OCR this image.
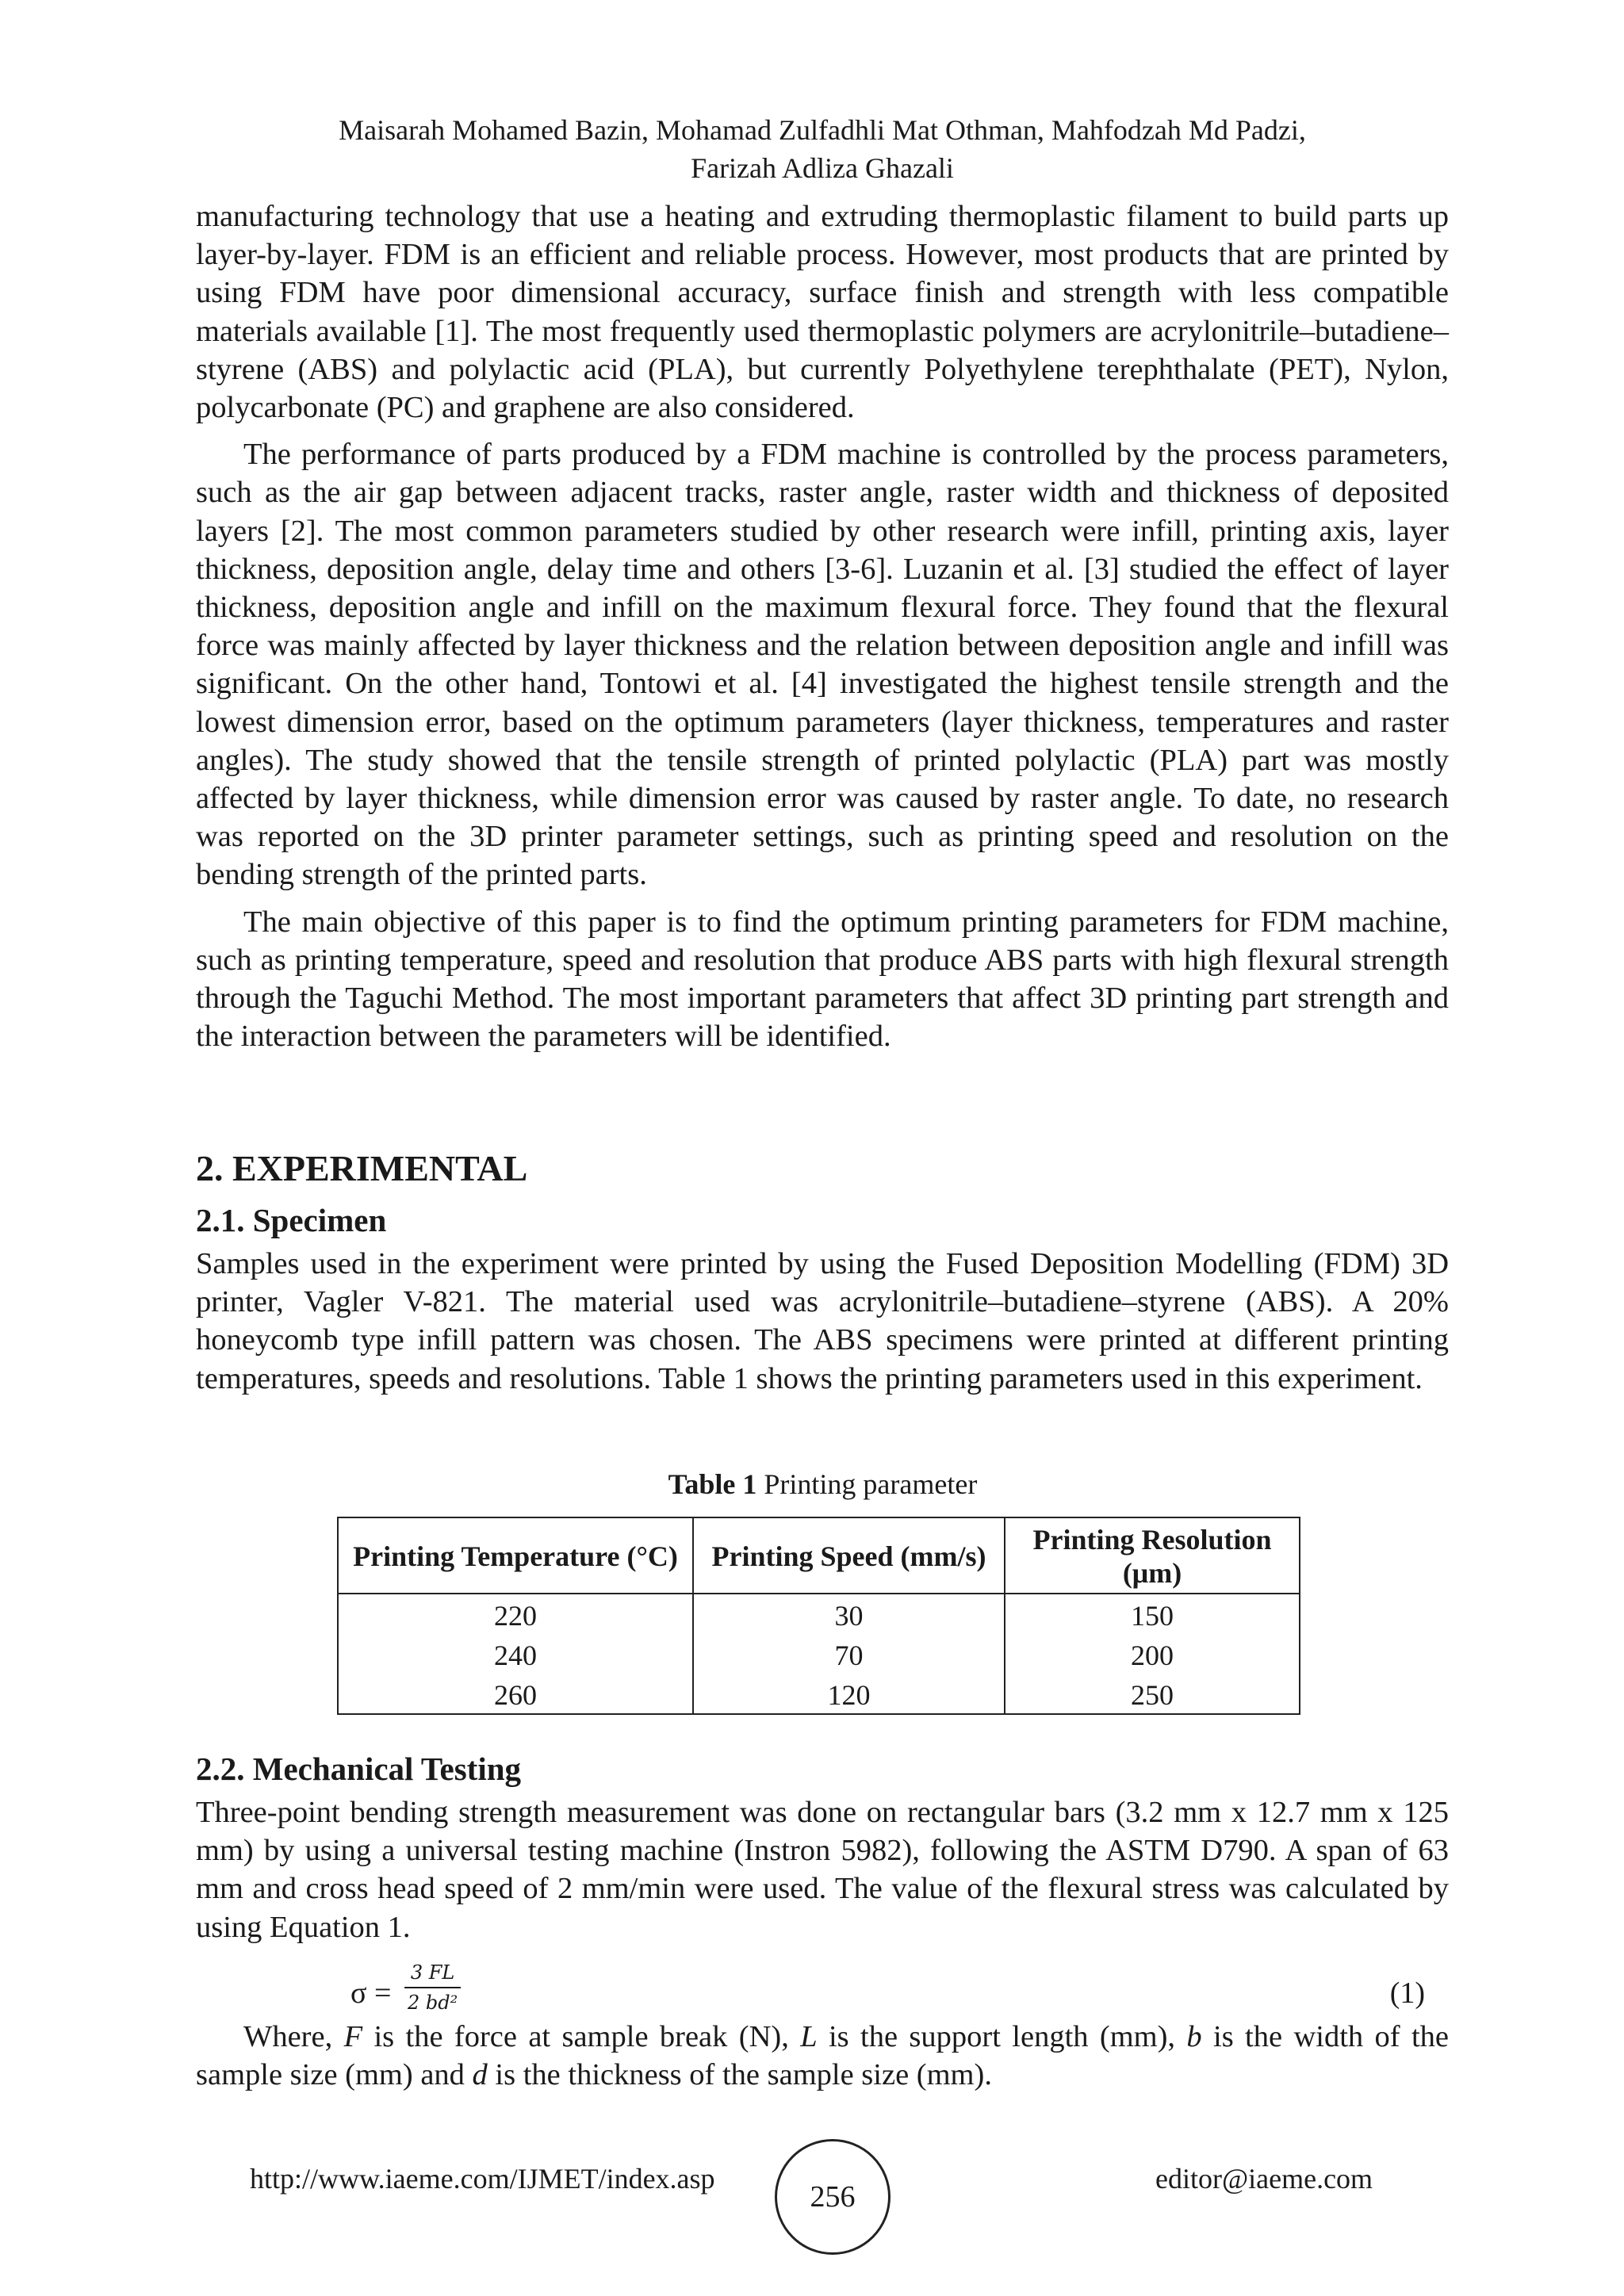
Maisarah Mohamed Bazin, Mohamad Zulfadhli Mat Othman, Mahfodzah Md Padzi,
Farizah Adliza Ghazali

manufacturing technology that use a heating and extruding thermoplastic filament to build parts up layer-by-layer. FDM is an efficient and reliable process. However, most products that are printed by using FDM have poor dimensional accuracy, surface finish and strength with less compatible materials available [1]. The most frequently used thermoplastic polymers are acrylonitrile–butadiene–styrene (ABS) and polylactic acid (PLA), but currently Polyethylene terephthalate (PET), Nylon, polycarbonate (PC) and graphene are also considered.

The performance of parts produced by a FDM machine is controlled by the process parameters, such as the air gap between adjacent tracks, raster angle, raster width and thickness of deposited layers [2]. The most common parameters studied by other research were infill, printing axis, layer thickness, deposition angle, delay time and others [3-6]. Luzanin et al. [3] studied the effect of layer thickness, deposition angle and infill on the maximum flexural force. They found that the flexural force was mainly affected by layer thickness and the relation between deposition angle and infill was significant. On the other hand, Tontowi et al. [4] investigated the highest tensile strength and the lowest dimension error, based on the optimum parameters (layer thickness, temperatures and raster angles). The study showed that the tensile strength of printed polylactic (PLA) part was mostly affected by layer thickness, while dimension error was caused by raster angle. To date, no research was reported on the 3D printer parameter settings, such as printing speed and resolution on the bending strength of the printed parts.

The main objective of this paper is to find the optimum printing parameters for FDM machine, such as printing temperature, speed and resolution that produce ABS parts with high flexural strength through the Taguchi Method. The most important parameters that affect 3D printing part strength and the interaction between the parameters will be identified.

2. EXPERIMENTAL
2.1. Specimen

Samples used in the experiment were printed by using the Fused Deposition Modelling (FDM) 3D printer, Vagler V-821. The material used was acrylonitrile–butadiene–styrene (ABS). A 20% honeycomb type infill pattern was chosen. The ABS specimens were printed at different printing temperatures, speeds and resolutions. Table 1 shows the printing parameters used in this experiment.

Table 1 Printing parameter
Printing Temperature (°C)	Printing Speed (mm/s)	Printing Resolution (μm)
220	30	150
240	70	200
260	120	250
2.2. Mechanical Testing

Three-point bending strength measurement was done on rectangular bars (3.2 mm x 12.7 mm x 125 mm) by using a universal testing machine (Instron 5982), following the ASTM D790. A span of 63 mm and cross head speed of 2 mm/min were used. The value of the flexural stress was calculated by using Equation 1.

σ =
3 FL
2 bd²	(1)
Where, F is the force at sample break (N), L is the support length (mm), b is the width of the sample size (mm) and d is the thickness of the sample size (mm).
http://www.iaeme.com/IJMET/index.asp
256
editor@iaeme.com
